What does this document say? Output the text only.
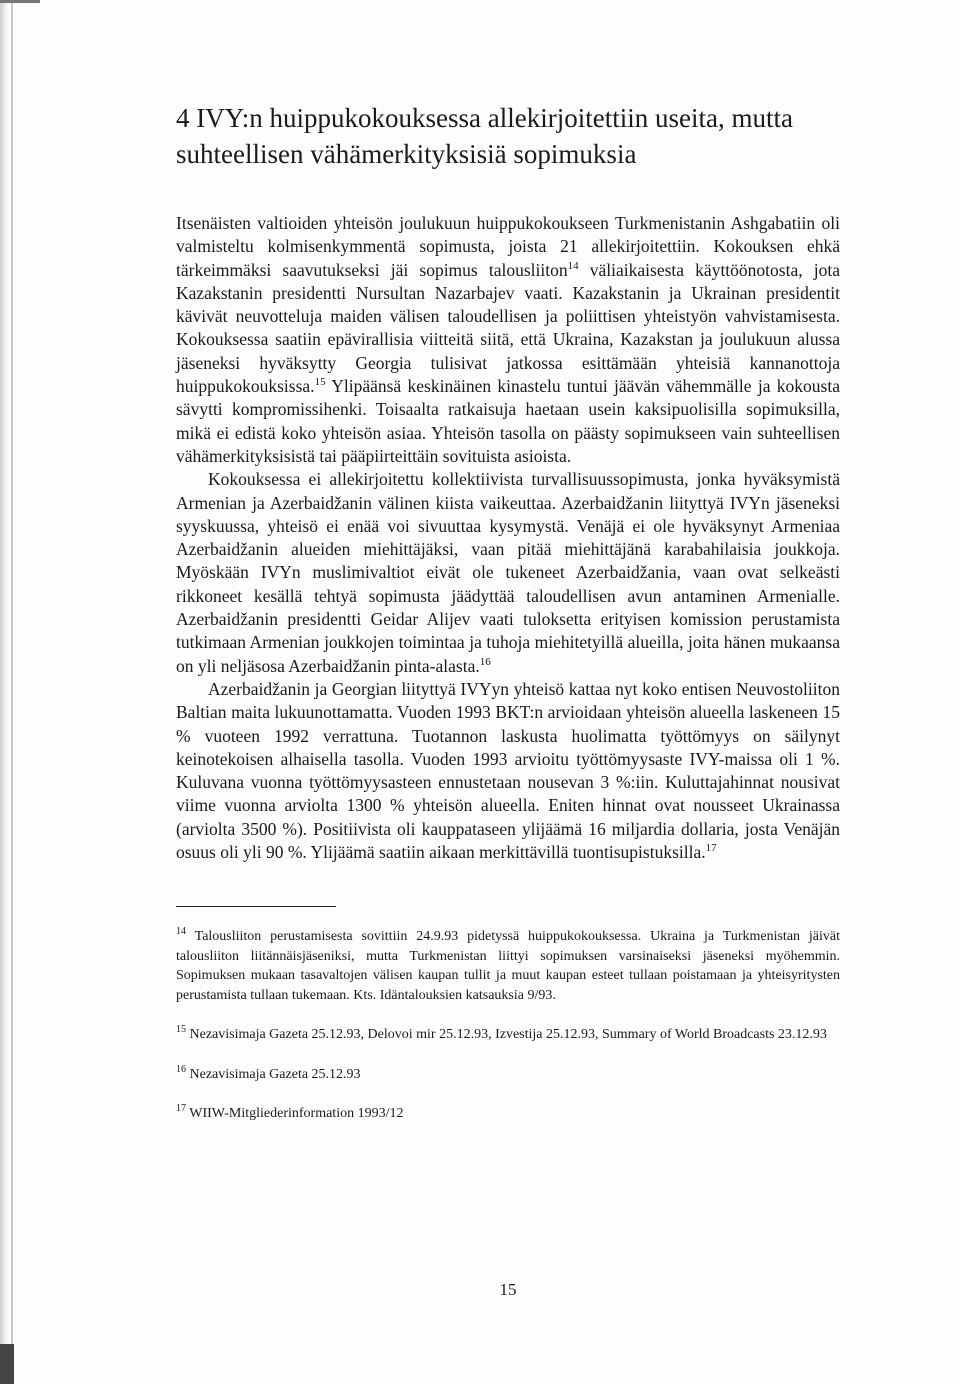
4 IVY:n huippukokouksessa allekirjoitettiin useita, mutta
suhteellisen vähämerkityksisiä sopimuksia

Itsenäisten valtioiden yhteisön joulukuun huippukokoukseen Turkmenistanin Ashgabatiin oli valmisteltu kolmisenkymmentä sopimusta, joista 21 allekirjoitettiin. Kokouksen ehkä tärkeimmäksi saavutukseksi jäi sopimus talousliiton$^{14}$ väliaikaisesta käyttöönotosta, jota Kazakstanin presidentti Nursultan Nazarbajev vaati. Kazakstanin ja Ukrainan presidentit kävivät neuvotteluja maiden välisen taloudellisen ja poliittisen yhteistyön vahvistamisesta. Kokouksessa saatiin epävirallisia viitteitä siitä, että Ukraina, Kazakstan ja joulukuun alussa jäseneksi hyväksytty Georgia tulisivat jatkossa esittämään yhteisiä kannanottoja huippukokouksissa.$^{15}$ Ylipäänsä keskinäinen kinastelu tuntui jäävän vähemmälle ja kokousta sävytti kompromissihenki. Toisaalta ratkaisuja haetaan usein kaksipuolisilla sopimuksilla, mikä ei edistä koko yhteisön asiaa. Yhteisön tasolla on päästy sopimukseen vain suhteellisen vähämerkityksisistä tai pääpiirteittäin sovituista asioista.

Kokouksessa ei allekirjoitettu kollektiivista turvallisuussopimusta, jonka hyväksymistä Armenian ja Azerbaidžanin välinen kiista vaikeuttaa. Azerbaidžanin liityttyä IVYn jäseneksi syyskuussa, yhteisö ei enää voi sivuuttaa kysymystä. Venäjä ei ole hyväksynyt Armeniaa Azerbaidžanin alueiden miehittäjäksi, vaan pitää miehittäjänä karabahilaisia joukkoja. Myöskään IVYn muslimivaltiot eivät ole tukeneet Azerbaidžania, vaan ovat selkeästi rikkoneet kesällä tehtyä sopimusta jäädyttää taloudellisen avun antaminen Armenialle. Azerbaidžanin presidentti Geidar Alijev vaati tuloksetta erityisen komission perustamista tutkimaan Armenian joukkojen toimintaa ja tuhoja miehitetyillä alueilla, joita hänen mukaansa on yli neljäsosa Azerbaidžanin pinta-alasta.$^{16}$

Azerbaidžanin ja Georgian liityttyä IVYyn yhteisö kattaa nyt koko entisen Neuvostoliiton Baltian maita lukuunottamatta. Vuoden 1993 BKT:n arvioidaan yhteisön alueella laskeneen 15 % vuoteen 1992 verrattuna. Tuotannon laskusta huolimatta työttömyys on säilynyt keinotekoisen alhaisella tasolla. Vuoden 1993 arvioitu työttömyysaste IVY-maissa oli 1 %. Kuluvana vuonna työttömyysasteen ennustetaan nousevan 3 %:iin. Kuluttajahinnat nousivat viime vuonna arviolta 1300 % yhteisön alueella. Eniten hinnat ovat nousseet Ukrainassa (arviolta 3500 %). Positiivista oli kauppataseen ylijäämä 16 miljardia dollaria, josta Venäjän osuus oli yli 90 %. Ylijäämä saatiin aikaan merkittävillä tuontisupistuksilla.$^{17}$

$^{14}$ Talousliiton perustamisesta sovittiin 24.9.93 pidetyssä huippukokouksessa. Ukraina ja Turkmenistan jäivät talousliiton liitännäisjäseniksi, mutta Turkmenistan liittyi sopimuksen varsinaiseksi jäseneksi myöhemmin. Sopimuksen mukaan tasavaltojen välisen kaupan tullit ja muut kaupan esteet tullaan poistamaan ja yhteisyritysten perustamista tullaan tukemaan. Kts. Idäntalouksien katsauksia 9/93.

$^{15}$ Nezavisimaja Gazeta 25.12.93, Delovoi mir 25.12.93, Izvestija 25.12.93, Summary of World Broadcasts 23.12.93

$^{16}$ Nezavisimaja Gazeta 25.12.93

$^{17}$ WIIW-Mitgliederinformation 1993/12

15
